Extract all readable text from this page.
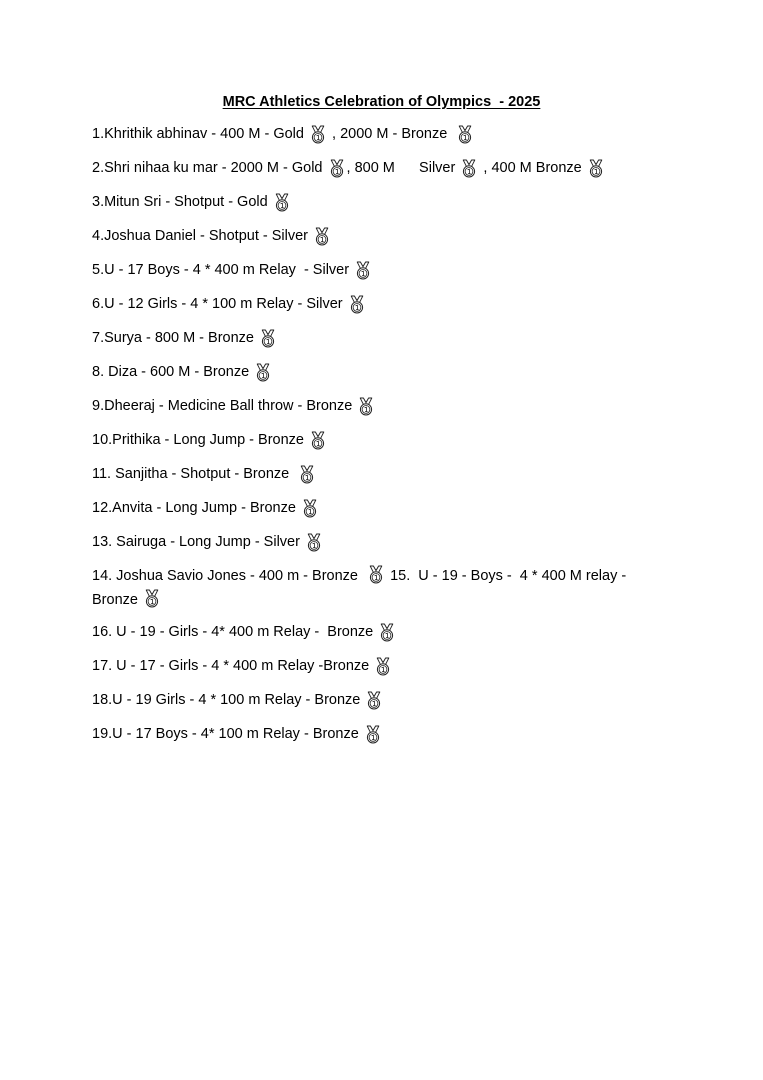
MRC Athletics Celebration of Olympics  - 2025
1.Khrithik abhinav - 400 M - Gold , 2000 M - Bronze
2.Shri nihaa ku mar - 2000 M - Gold , 800 M      Silver , 400 M Bronze
3.Mitun Sri - Shotput - Gold
4.Joshua Daniel - Shotput - Silver
5.U - 17 Boys - 4 * 400 m Relay  - Silver
6.U - 12 Girls - 4 * 100 m Relay - Silver
7.Surya - 800 M - Bronze
8. Diza - 600 M - Bronze
9.Dheeraj - Medicine Ball throw - Bronze
10.Prithika - Long Jump - Bronze
11. Sanjitha - Shotput - Bronze
12.Anvita - Long Jump - Bronze
13. Sairuga - Long Jump - Silver
14. Joshua Savio Jones - 400 m - Bronze   15.  U - 19 - Boys -  4 * 400 M relay - Bronze
16. U - 19 - Girls - 4* 400 m Relay -  Bronze
17. U - 17 - Girls - 4 * 400 m Relay -Bronze
18.U - 19 Girls - 4 * 100 m Relay - Bronze
19.U - 17 Boys - 4* 100 m Relay - Bronze
